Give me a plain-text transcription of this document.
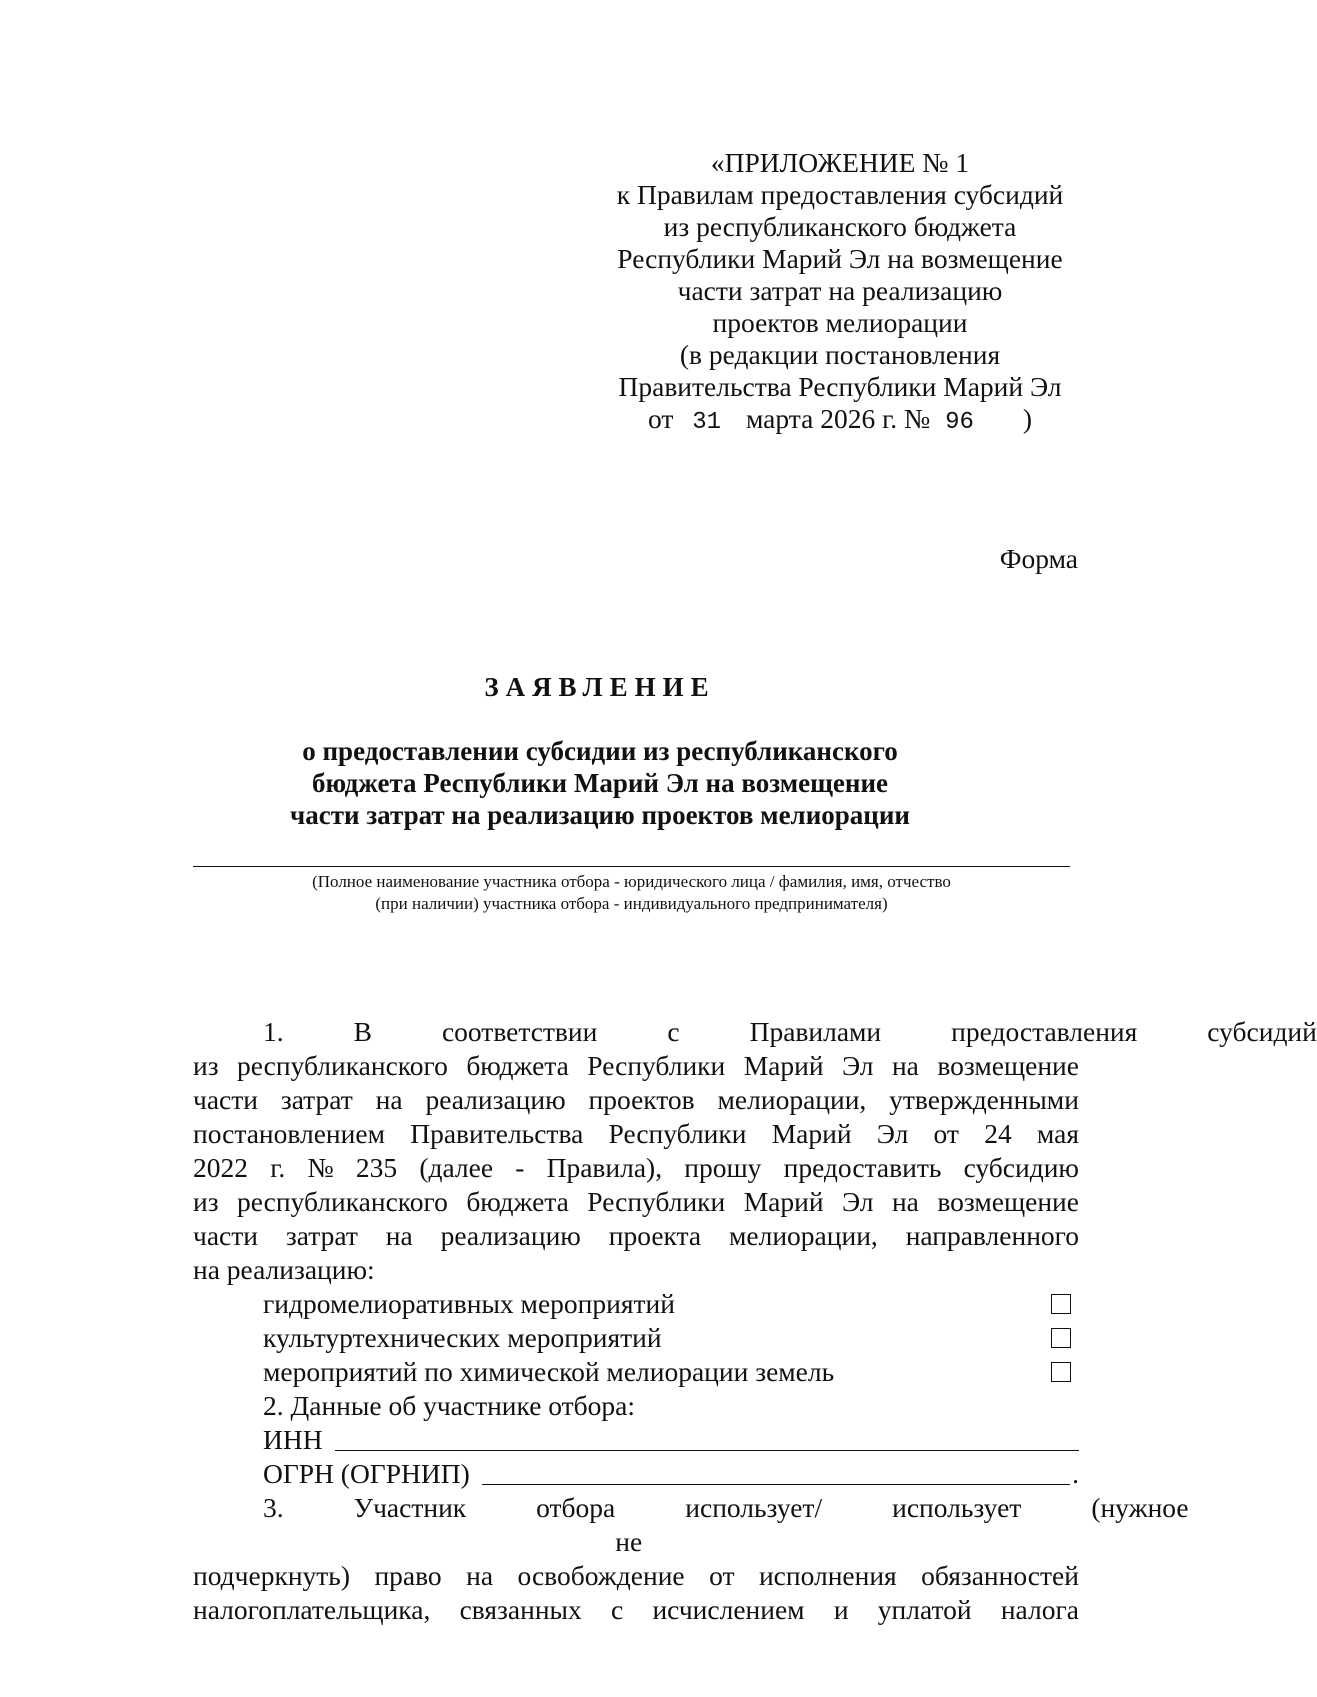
«ПРИЛОЖЕНИЕ № 1
к Правилам предоставления субсидий
из республиканского бюджета
Республики Марий Эл на возмещение
части затрат на реализацию
проектов мелиорации
(в редакции постановления
Правительства Республики Марий Эл
от 31 марта 2026 г. № 96 )
Форма
ЗАЯВЛЕНИЕ
о предоставлении субсидии из республиканского
бюджета Республики Марий Эл на возмещение
части затрат на реализацию проектов мелиорации
(Полное наименование участника отбора - юридического лица / фамилия, имя, отчество
(при наличии) участника отбора - индивидуального предпринимателя)
1.	В	соответствии	с	Правилами	предоставления	субсидий
из республиканского бюджета Республики Марий Эл на возмещение
части затрат на реализацию проектов мелиорации, утвержденными
постановлением Правительства Республики Марий Эл от 24 мая
2022 г. № 235 (далее - Правила), прошу предоставить субсидию
из республиканского бюджета Республики Марий Эл на возмещение
части затрат на реализацию проекта мелиорации, направленного
на реализацию:
гидромелиоративных мероприятий
культуртехнических мероприятий
мероприятий по химической мелиорации земель
2. Данные об участнике отбора:
ИНН
ОГРН (ОГРНИП)	.
3.	Участник	отбора	использует/не
использует	(нужное
подчеркнуть) право на освобождение от исполнения обязанностей
налогоплательщика, связанных с исчислением и уплатой налога
